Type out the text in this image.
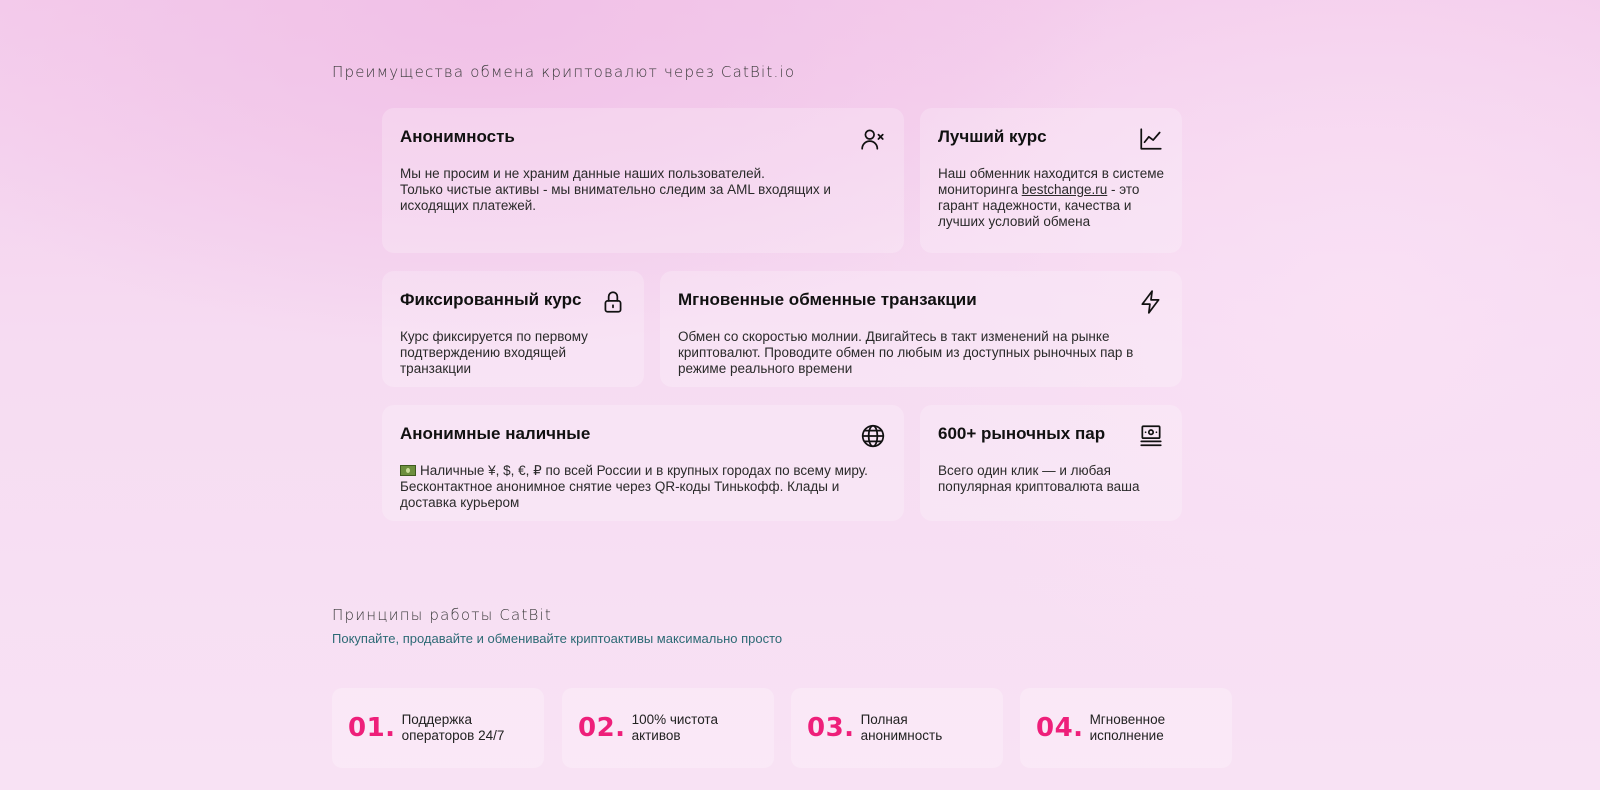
Преимущества обмена криптовалют через CatBit.io
Анонимность

Мы не просим и не храним данные наших пользователей.

Только чистые активы - мы внимательно следим за AML входящих и исходящих платежей.

Лучший курс
Наш обменник находится в системе мониторинга bestchange.ru - это гарант надежности, качества и лучших условий обмена
Фиксированный курс
Курс фиксируется по первому подтверждению входящей транзакции
Мгновенные обменные транзакции
Обмен со скоростью молнии. Двигайтесь в такт изменений на рынке криптовалют. Проводите обмен по любым из доступных рыночных пар в режиме реального времени
Анонимные наличные
Наличные ¥, $, €, ₽ по всей России и в крупных городах по всему миру. Бесконтактное анонимное снятие через QR-коды Тинькофф. Клады и доставка курьером
600+ рыночных пар
Всего один клик — и любая популярная криптовалюта ваша
Принципы работы CatBit
Покупайте, продавайте и обменивайте криптоактивы максимально просто
01. Поддержка операторов 24/7	02. 100% чистота активов	03. Полная анонимность	04. Мгновенное исполнение
